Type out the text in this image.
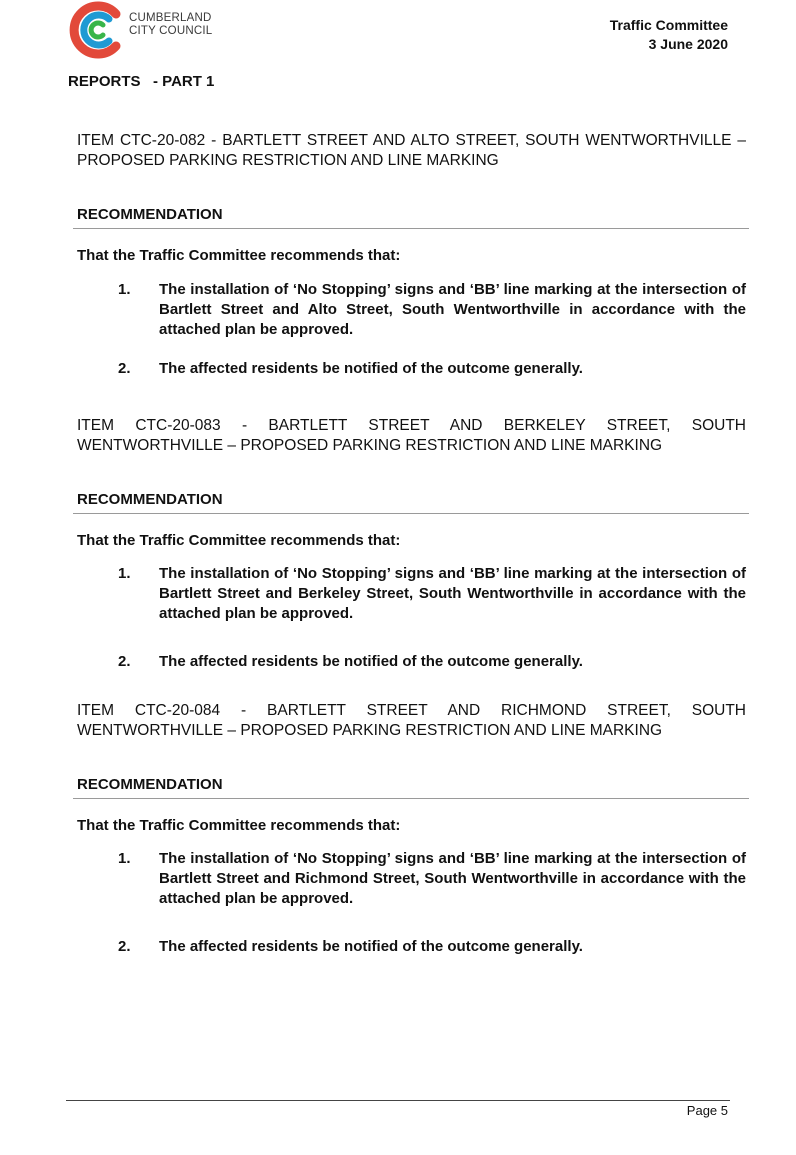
CUMBERLAND
CITY COUNCIL	Traffic Committee
3 June 2020
REPORTS   - PART 1
ITEM CTC-20-082 - BARTLETT STREET AND ALTO STREET, SOUTH WENTWORTHVILLE – PROPOSED PARKING RESTRICTION AND LINE MARKING
RECOMMENDATION
That the Traffic Committee recommends that:
1. The installation of ‘No Stopping’ signs and ‘BB’ line marking at the intersection of Bartlett Street and Alto Street, South Wentworthville in accordance with the attached plan be approved.
2. The affected residents be notified of the outcome generally.
ITEM CTC-20-083 - BARTLETT STREET AND BERKELEY STREET, SOUTH WENTWORTHVILLE – PROPOSED PARKING RESTRICTION AND LINE MARKING
RECOMMENDATION
That the Traffic Committee recommends that:
1. The installation of ‘No Stopping’ signs and ‘BB’ line marking at the intersection of Bartlett Street and Berkeley Street, South Wentworthville in accordance with the attached plan be approved.
2. The affected residents be notified of the outcome generally.
ITEM CTC-20-084 - BARTLETT STREET AND RICHMOND STREET, SOUTH WENTWORTHVILLE – PROPOSED PARKING RESTRICTION AND LINE MARKING
RECOMMENDATION
That the Traffic Committee recommends that:
1. The installation of ‘No Stopping’ signs and ‘BB’ line marking at the intersection of Bartlett Street and Richmond Street, South Wentworthville in accordance with the attached plan be approved.
2. The affected residents be notified of the outcome generally.
Page 5
